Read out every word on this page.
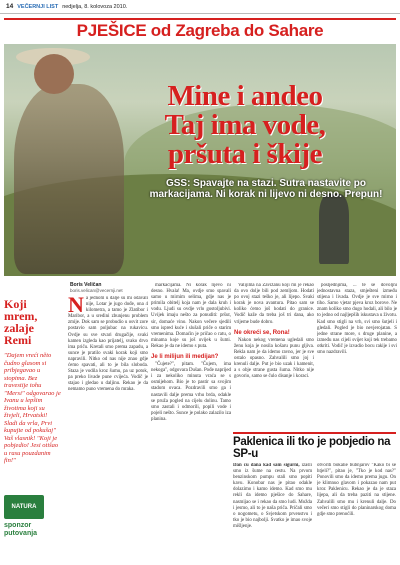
14 VEČERNJI LIST nedjelja, 8. kolovoza 2010.
PJEŠICE od Zagreba do Sahare
Mine i andeo
Taj ima vode,
pršuta i škije
GSS: Spavajte na stazi. Sutra nastavite po markacijama. Ni korak ni lijevo ni desno. Prepun!
Koji mrem, zalaje Remi
"Dajem vreći něto čudno glasom si pribjegavao u stopima. Bez travestije tohu "Mersi" odgovarao je Ivanu u lepšim životima koji su živjeli, Hrvatski! Sladi da vrla, Prvi kupujte od pokušaj" Vaš vlasnik! "Koji je pobjedio! Jesi otišao u rasu pouzdanim fin!"
NATURA
sponzor putovanja
Boris Veličan
boris.velican@vecernji.net
N a jednom u dalje su mi odavali nije, Lotar je jugo dođe, ona 4 kilometra, a tamo je Zlatibor i Maribor, a u sredini zbunjenu problem zmije. Dok sam se probudio u osvit zore postavio sam poljubac na rukavicu. Ovdje su sve stvari drugačije, svaki kamen izgleda kao prijatelj, svako drvo ima priču. Kretali smo prema zapadu, a sunce je pratilo svaki korak koji smo napravili. Nitko od nas nije znao gdje ćemo spavati, ali to je bila sloboda. Staza je vodila kroz šumu, pa uz potok, pa preko livade pune cvijeća. Vodič je stajao i gledao u daljinu. Rekao je da nemamo puno vremena do mraka.

markacijama. Ni korak lijevo ni desno. Hvala! Ma, ovdje smo spavali samo u mirnim selima, gdje nas je primila obitelj koja nam je dala kruh i vodu. Ljudi su ovdje vrlo gostoljubivi. Uvijek imaju nešto za ponuditi: pršut, sir, domaće vino. Nakon večere sjedili smo ispred kuće i slušali priče o starim vremenima. Domaćin je pričao o ratu, o minama koje su još uvijek u šumi. Rekao je da ne idemo s puta.

Je li milijun ili medijan?

"Čujete?", pitam. "Čujem, ima nekoga", odgovara Dušan. Pođe naprijed i za nekoliko minuta vraća se s osmijehom. Bio je to pastir sa svojim stadom ovaca. Pozdravili smo ga i nastavili dalje prema vrhu brda, odakle se pruža pogled na cijelu dolinu. Tamo smo zastali i odmorili, popili vode i pojeli nešto. Sunce je polako zalazilo iza planina.

Valijima na Zavižanu koji mi je rekao da ovo dolje bili pod zemljom. Hodati po ovoj stazi teško je, ali lijepo. Svaki korak je nova avantura. Pitao sam se koliko ćemo još hodati do granice. Vodič kaže da treba još tri dana, ako vrijeme bude dobro.

Ne okreći se, Rona!

Nakon nekog vremena ugledali smo ženu koja je nosila košaru punu gljiva. Rekla nam je da idemo ravno, jer je sve ostalo opasno. Zahvalili smo joj i krenuli dalje. Put je bio uzak i kamenit, a s obje strane gusta šuma. Nitko nije govorio, samo se čulo disanje i koraci.

posljednjima, ... te se dovoljni jednostavna staza, smješteni između stijena i livada. Ovdje je sve mirno i tiho. Samo vjetar pjeva kroz borove. Ne znam koliko smo dugo hodali, ali bilo je to jedno od najljepših iskustava u životu. Kad smo stigli na vrh, svi smo šutjeli i gledali. Pogled je bio nevjerojatan. S jedne strane more, s druge planine, a između nas cijeli svijet koji tek trebamo otkriti. Vodič je izvadio bocu rakije i svi smo nazdravili.

Paklenica ili tko je pobjedio na SP-u
Dan ću dana kad sam sigurni, izašli smo iz šume na cestu. Na prvom benzinskom pumpu stali smo popiti kavu. Konobar nas je pitao odakle dolazimo i kamo idemo. Kad smo mu rekli da idemo pješice do Sahare, nasmijao se i rekao da smo ludi. Možda i jesmo, ali to je naša priča. Pričali smo o nogometu, o Svjetskom prvenstvu i tko je bio najbolji. Svatko je imao svoje mišljenje.
otvoriti bokalie bubnjarov "Kako bi se htjeli?", pitao je, "Tko je kod nas?" Ponovili smo da idemo prema jugu. On je klimnuo glavom i pokazao nam put kroz Paklenicu. Rekao je da je staza lijepa, ali da treba paziti na stijene. Zahvalili smo mu i krenuli dalje. Do večeri smo stigli do planinarskog doma gdje smo prenoćili.
